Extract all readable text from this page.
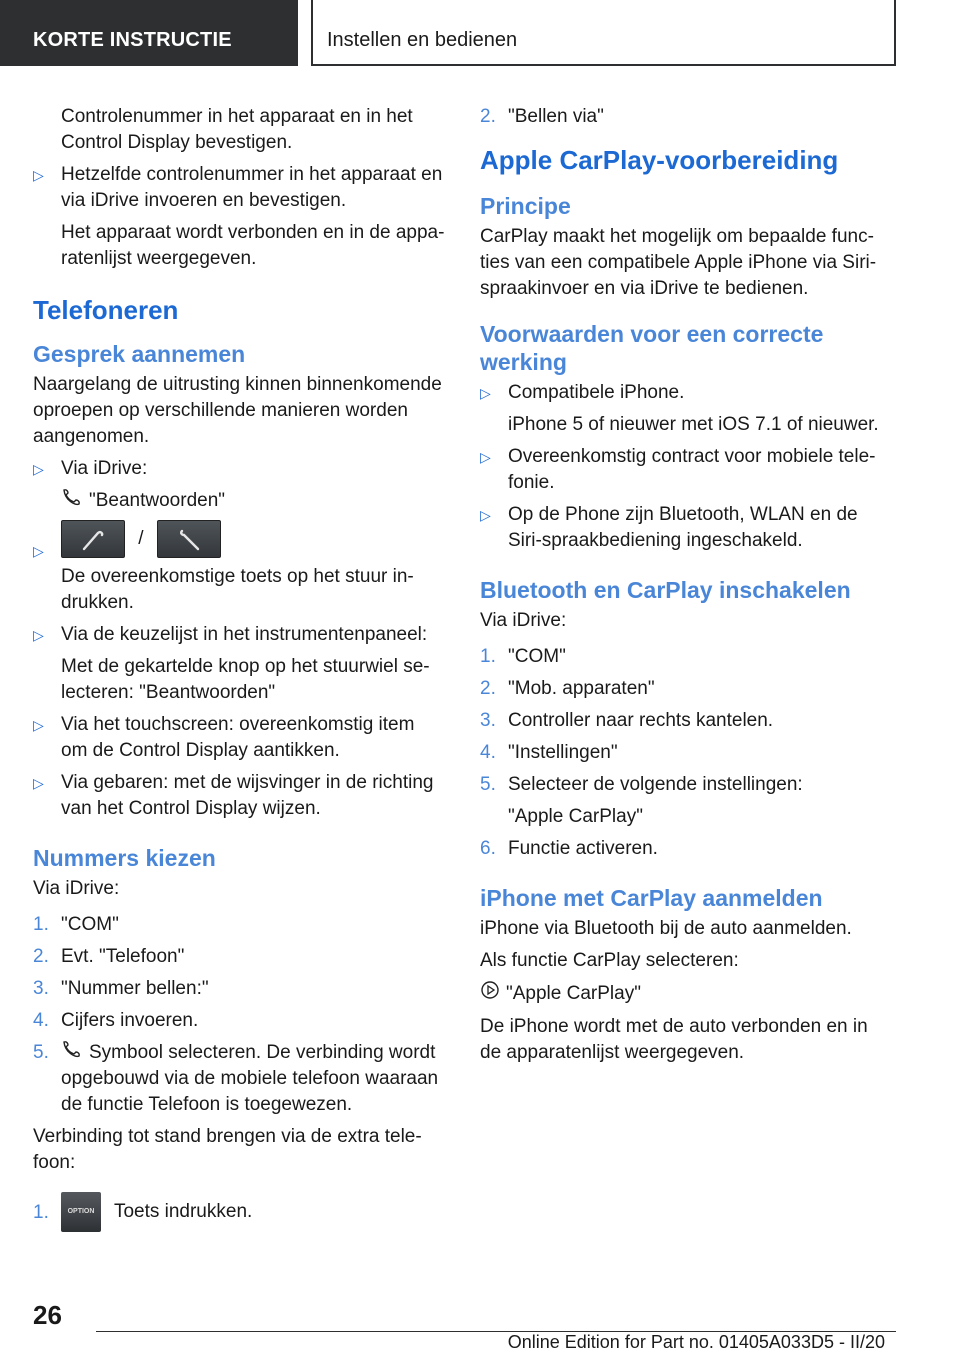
KORTE INSTRUCTIE	Instellen en bedienen

Controlenummer in het apparaat en in het Control Display bevestigen.

▷ Hetzelfde controlenummer in het apparaat en via iDrive invoeren en bevestigen.

Het apparaat wordt verbonden en in de apparatenlijst weergegeven.

Telefoneren
Gesprek aannemen

Naargelang de uitrusting kinnen binnenkomende oproepen op verschillende manieren worden aangenomen.

▷ Via iDrive:

"Beantwoorden"

▷
/

De overeenkomstige toets op het stuur indrukken.

▷ Via de keuzelijst in het instrumentenpaneel:

Met de gekartelde knop op het stuurwiel selecteren: "Beantwoorden"

▷ Via het touchscreen: overeenkomstig item om de Control Display aantikken.
▷ Via gebaren: met de wijsvinger in de richting van het Control Display wijzen.
Nummers kiezen

Via iDrive:

1. "COM"
2. Evt. "Telefoon"
3. "Nummer bellen:"
4. Cijfers invoeren.
5. Symbool selecteren. De verbinding wordt opgebouwd via de mobiele telefoon waaraan de functie Telefoon is toegewezen.

Verbinding tot stand brengen via de extra telefoon:

1.	OPTION Toets indrukken.
2. "Bellen via"
Apple CarPlay-voorbereiding
Principe

CarPlay maakt het mogelijk om bepaalde functies van een compatibele Apple iPhone via Siri-spraakinvoer en via iDrive te bedienen.

Voorwaarden voor een correcte werking
▷ Compatibele iPhone.

iPhone 5 of nieuwer met iOS 7.1 of nieuwer.

▷ Overeenkomstig contract voor mobiele telefonie.
▷ Op de Phone zijn Bluetooth, WLAN en de Siri-spraakbediening ingeschakeld.
Bluetooth en CarPlay inschakelen

Via iDrive:

1. "COM"
2. "Mob. apparaten"
3. Controller naar rechts kantelen.
4. "Instellingen"
5. Selecteer de volgende instellingen:

"Apple CarPlay"

6. Functie activeren.
iPhone met CarPlay aanmelden

iPhone via Bluetooth bij de auto aanmelden.

Als functie CarPlay selecteren:

"Apple CarPlay"

De iPhone wordt met de auto verbonden en in de apparatenlijst weergegeven.

26
Online Edition for Part no. 01405A033D5 - II/20
